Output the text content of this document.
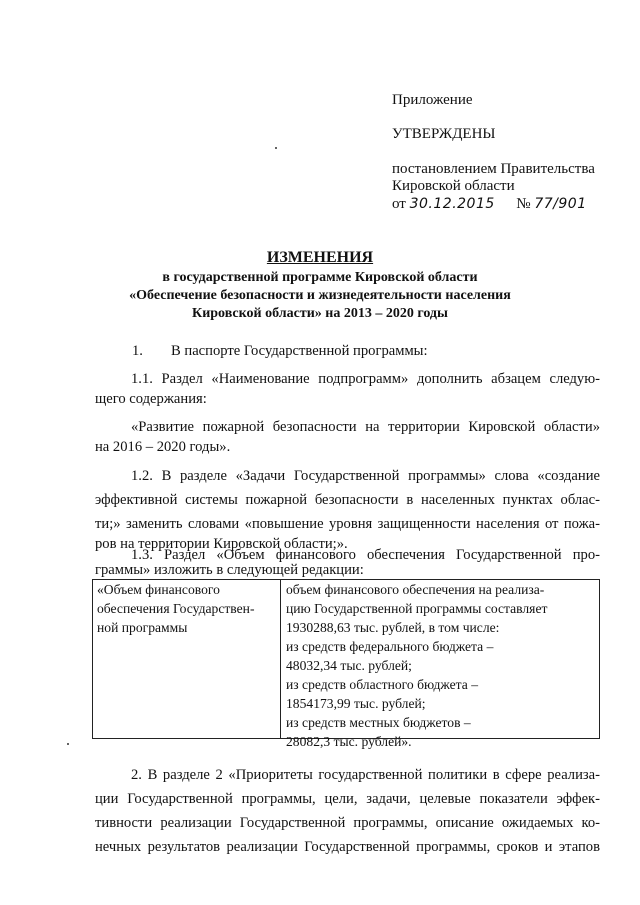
Приложение
УТВЕРЖДЕНЫ
постановлением Правительства
Кировской области
от 30.12.2015 № 77/901
ИЗМЕНЕНИЯ
в государственной программе Кировской области
«Обеспечение безопасности и жизнедеятельности населения
Кировской области» на 2013 – 2020 годы
1. В паспорте Государственной программы:
1.1. Раздел «Наименование подпрограмм» дополнить абзацем следую-
щего содержания:
«Развитие пожарной безопасности на территории Кировской области»
на 2016 – 2020 годы».
1.2. В разделе «Задачи Государственной программы» слова «создание
эффективной системы пожарной безопасности в населенных пунктах облас-
ти;» заменить словами «повышение уровня защищенности населения от пожа-
ров на территории Кировской области;».
1.3. Раздел «Объем финансового обеспечения Государственной про-
граммы» изложить в следующей редакции:
«Объем финансового
обеспечения Государствен-
ной программы
объем финансового обеспечения на реализа-
цию Государственной программы составляет
1930288,63 тыс. рублей, в том числе:
из средств федерального бюджета –
48032,34 тыс. рублей;
из средств областного бюджета –
1854173,99 тыс. рублей;
из средств местных бюджетов –
28082,3 тыс. рублей».
2. В разделе 2 «Приоритеты государственной политики в сфере реализа-
ции Государственной программы, цели, задачи, целевые показатели эффек-
тивности реализации Государственной программы, описание ожидаемых ко-
нечных результатов реализации Государственной программы, сроков и этапов
